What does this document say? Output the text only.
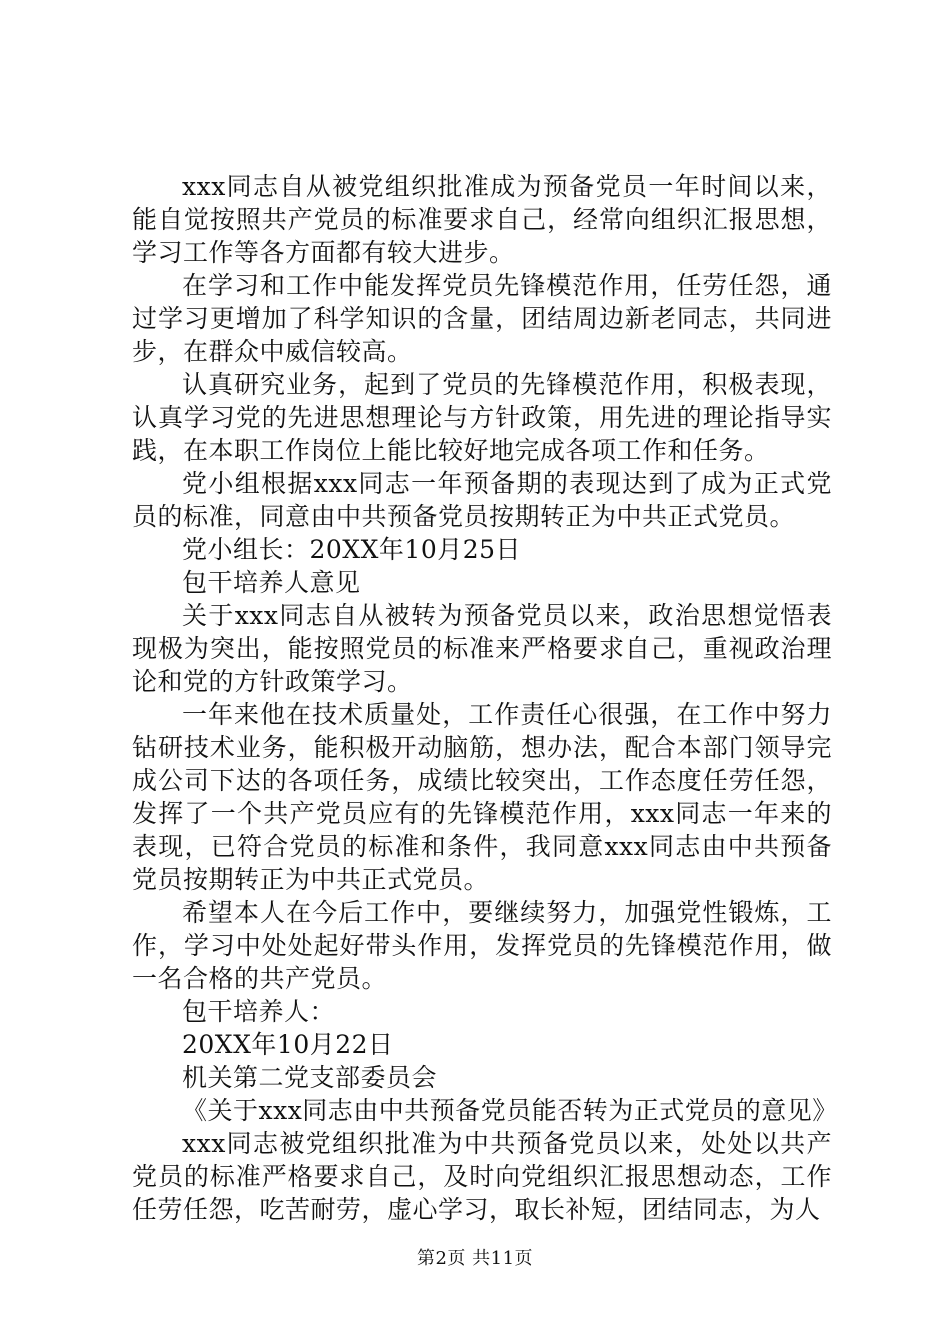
xxx同志自从被党组织批准成为预备党员一年时间以来，能自觉按照共产党员的标准要求自己，经常向组织汇报思想，学习工作等各方面都有较大进步。

在学习和工作中能发挥党员先锋模范作用，任劳任怨，通过学习更增加了科学知识的含量，团结周边新老同志，共同进步，在群众中威信较高。

认真研究业务，起到了党员的先锋模范作用，积极表现，认真学习党的先进思想理论与方针政策，用先进的理论指导实践，在本职工作岗位上能比较好地完成各项工作和任务。

党小组根据xxx同志一年预备期的表现达到了成为正式党员的标准，同意由中共预备党员按期转正为中共正式党员。

党小组长：20XX年10月25日

包干培养人意见

关于xxx同志自从被转为预备党员以来，政治思想觉悟表现极为突出，能按照党员的标准来严格要求自己，重视政治理论和党的方针政策学习。

一年来他在技术质量处，工作责任心很强，在工作中努力钻研技术业务，能积极开动脑筋，想办法，配合本部门领导完成公司下达的各项任务，成绩比较突出，工作态度任劳任怨，发挥了一个共产党员应有的先锋模范作用，xxx同志一年来的表现，已符合党员的标准和条件，我同意xxx同志由中共预备党员按期转正为中共正式党员。

希望本人在今后工作中，要继续努力，加强党性锻炼，工作，学习中处处起好带头作用，发挥党员的先锋模范作用，做一名合格的共产党员。

包干培养人：

20XX年10月22日

机关第二党支部委员会

《关于xxx同志由中共预备党员能否转为正式党员的意见》

xxx同志被党组织批准为中共预备党员以来，处处以共产党员的标准严格要求自己，及时向党组织汇报思想动态，工作任劳任怨，吃苦耐劳，虚心学习，取长补短，团结同志，为人

第2页 共11页
